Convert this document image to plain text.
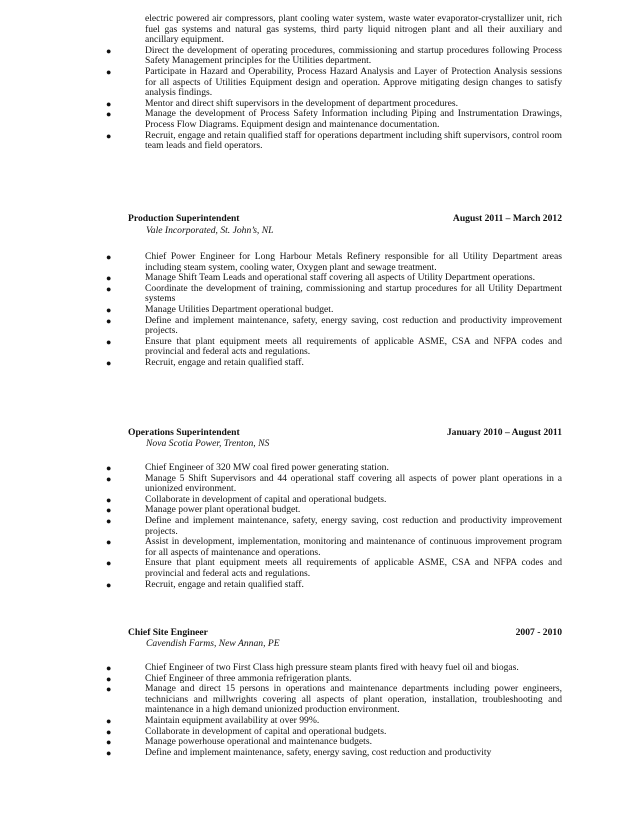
electric powered air compressors, plant cooling water system, waste water evaporator-crystallizer unit, rich fuel gas systems and natural gas systems, third party liquid nitrogen plant and all their auxiliary and ancillary equipment.
●	Direct the development of operating procedures, commissioning and startup procedures following Process Safety Management principles for the Utilities department.
●	Participate in Hazard and Operability, Process Hazard Analysis and Layer of Protection Analysis sessions for all aspects of Utilities Equipment design and operation. Approve mitigating design changes to satisfy analysis findings.
●	Mentor and direct shift supervisors in the development of department procedures.
●	Manage the development of Process Safety Information including Piping and Instrumentation Drawings, Process Flow Diagrams. Equipment design and maintenance documentation.
●	Recruit, engage and retain qualified staff for operations department including shift supervisors, control room team leads and field operators.
Production Superintendent	August 2011 – March 2012
Vale Incorporated, St. John’s, NL
●	Chief Power Engineer for Long Harbour Metals Refinery responsible for all Utility Department areas including steam system, cooling water, Oxygen plant and sewage treatment.
●	Manage Shift Team Leads and operational staff covering all aspects of Utility Department operations.
●	Coordinate the development of training, commissioning and startup procedures for all Utility Department systems
●	Manage Utilities Department operational budget.
●	Define and implement maintenance, safety, energy saving, cost reduction and productivity improvement projects.
●	Ensure that plant equipment meets all requirements of applicable ASME, CSA and NFPA codes and provincial and federal acts and regulations.
●	Recruit, engage and retain qualified staff.
Operations Superintendent	January 2010 – August 2011
Nova Scotia Power, Trenton, NS
●	Chief Engineer of 320 MW coal fired power generating station.
●	Manage 5 Shift Supervisors and 44 operational staff covering all aspects of power plant operations in a unionized environment.
●	Collaborate in development of capital and operational budgets.
●	Manage power plant operational budget.
●	Define and implement maintenance, safety, energy saving, cost reduction and productivity improvement projects.
●	Assist in development, implementation, monitoring and maintenance of continuous improvement program for all aspects of maintenance and operations.
●	Ensure that plant equipment meets all requirements of applicable ASME, CSA and NFPA codes and provincial and federal acts and regulations.
●	Recruit, engage and retain qualified staff.
Chief Site Engineer	2007 - 2010
Cavendish Farms, New Annan, PE
●	Chief Engineer of two First Class high pressure steam plants fired with heavy fuel oil and biogas.
●	Chief Engineer of three ammonia refrigeration plants.
●	Manage and direct 15 persons in operations and maintenance departments including power engineers, technicians and millwrights covering all aspects of plant operation, installation, troubleshooting and maintenance in a high demand unionized production environment.
●	Maintain equipment availability at over 99%.
●	Collaborate in development of capital and operational budgets.
●	Manage powerhouse operational and maintenance budgets.
●	Define and implement maintenance, safety, energy saving, cost reduction and productivity
